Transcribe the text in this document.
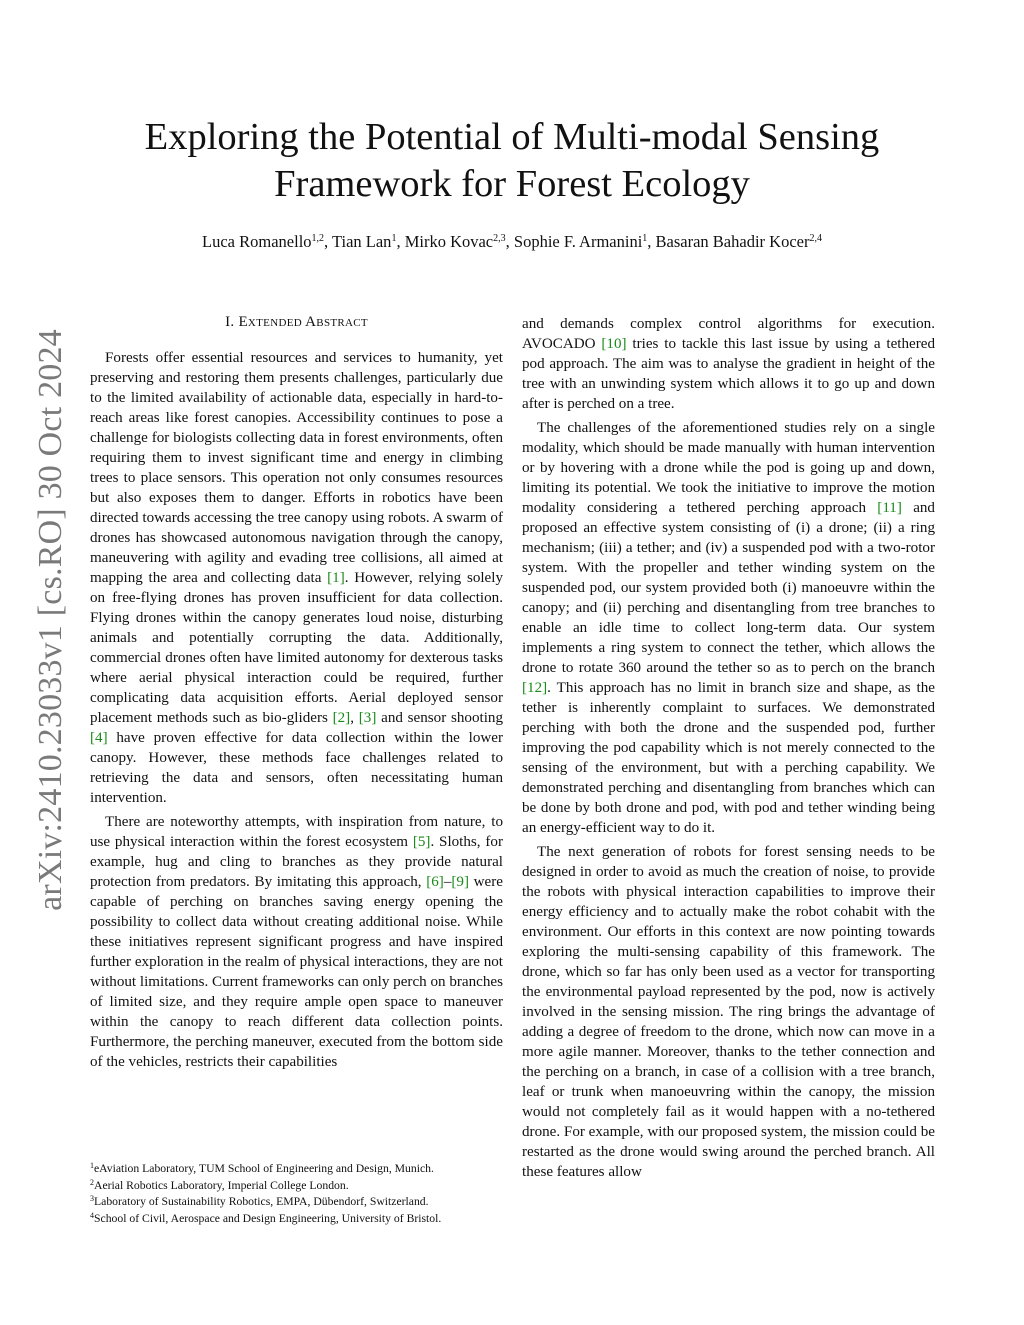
arXiv:2410.23033v1 [cs.RO] 30 Oct 2024
Exploring the Potential of Multi-modal Sensing
Framework for Forest Ecology
Luca Romanello$^{1,2}$, Tian Lan$^1$, Mirko Kovac$^{2,3}$, Sophie F. Armanini$^1$, Basaran Bahadir Kocer$^{2,4}$
I. Extended Abstract

Forests offer essential resources and services to humanity, yet preserving and restoring them presents challenges, particularly due to the limited availability of actionable data, especially in hard-to-reach areas like forest canopies. Accessibility continues to pose a challenge for biologists collecting data in forest environments, often requiring them to invest significant time and energy in climbing trees to place sensors. This operation not only consumes resources but also exposes them to danger. Efforts in robotics have been directed towards accessing the tree canopy using robots. A swarm of drones has showcased autonomous navigation through the canopy, maneuvering with agility and evading tree collisions, all aimed at mapping the area and collecting data [1]. However, relying solely on free-flying drones has proven insufficient for data collection. Flying drones within the canopy generates loud noise, disturbing animals and potentially corrupting the data. Additionally, commercial drones often have limited autonomy for dexterous tasks where aerial physical interaction could be required, further complicating data acquisition efforts. Aerial deployed sensor placement methods such as bio-gliders [2], [3] and sensor shooting [4] have proven effective for data collection within the lower canopy. However, these methods face challenges related to retrieving the data and sensors, often necessitating human intervention.

There are noteworthy attempts, with inspiration from nature, to use physical interaction within the forest ecosystem [5]. Sloths, for example, hug and cling to branches as they provide natural protection from predators. By imitating this approach, [6]–[9] were capable of perching on branches saving energy opening the possibility to collect data without creating additional noise. While these initiatives represent significant progress and have inspired further exploration in the realm of physical interactions, they are not without limitations. Current frameworks can only perch on branches of limited size, and they require ample open space to maneuver within the canopy to reach different data collection points. Furthermore, the perching maneuver, executed from the bottom side of the vehicles, restricts their capabilities

and demands complex control algorithms for execution. AVOCADO [10] tries to tackle this last issue by using a tethered pod approach. The aim was to analyse the gradient in height of the tree with an unwinding system which allows it to go up and down after is perched on a tree.

The challenges of the aforementioned studies rely on a single modality, which should be made manually with human intervention or by hovering with a drone while the pod is going up and down, limiting its potential. We took the initiative to improve the motion modality considering a tethered perching approach [11] and proposed an effective system consisting of (i) a drone; (ii) a ring mechanism; (iii) a tether; and (iv) a suspended pod with a two-rotor system. With the propeller and tether winding system on the suspended pod, our system provided both (i) manoeuvre within the canopy; and (ii) perching and disentangling from tree branches to enable an idle time to collect long-term data. Our system implements a ring system to connect the tether, which allows the drone to rotate 360 around the tether so as to perch on the branch [12]. This approach has no limit in branch size and shape, as the tether is inherently complaint to surfaces. We demonstrated perching with both the drone and the suspended pod, further improving the pod capability which is not merely connected to the sensing of the environment, but with a perching capability. We demonstrated perching and disentangling from branches which can be done by both drone and pod, with pod and tether winding being an energy-efficient way to do it.

The next generation of robots for forest sensing needs to be designed in order to avoid as much the creation of noise, to provide the robots with physical interaction capabilities to improve their energy efficiency and to actually make the robot cohabit with the environment. Our efforts in this context are now pointing towards exploring the multi-sensing capability of this framework. The drone, which so far has only been used as a vector for transporting the environmental payload represented by the pod, now is actively involved in the sensing mission. The ring brings the advantage of adding a degree of freedom to the drone, which now can move in a more agile manner. Moreover, thanks to the tether connection and the perching on a branch, in case of a collision with a tree branch, leaf or trunk when manoeuvring within the canopy, the mission would not completely fail as it would happen with a no-tethered drone. For example, with our proposed system, the mission could be restarted as the drone would swing around the perched branch. All these features allow

$^1$eAviation Laboratory, TUM School of Engineering and Design, Munich.
$^2$Aerial Robotics Laboratory, Imperial College London.
$^3$Laboratory of Sustainability Robotics, EMPA, Dübendorf, Switzerland.
$^4$School of Civil, Aerospace and Design Engineering, University of Bristol.
